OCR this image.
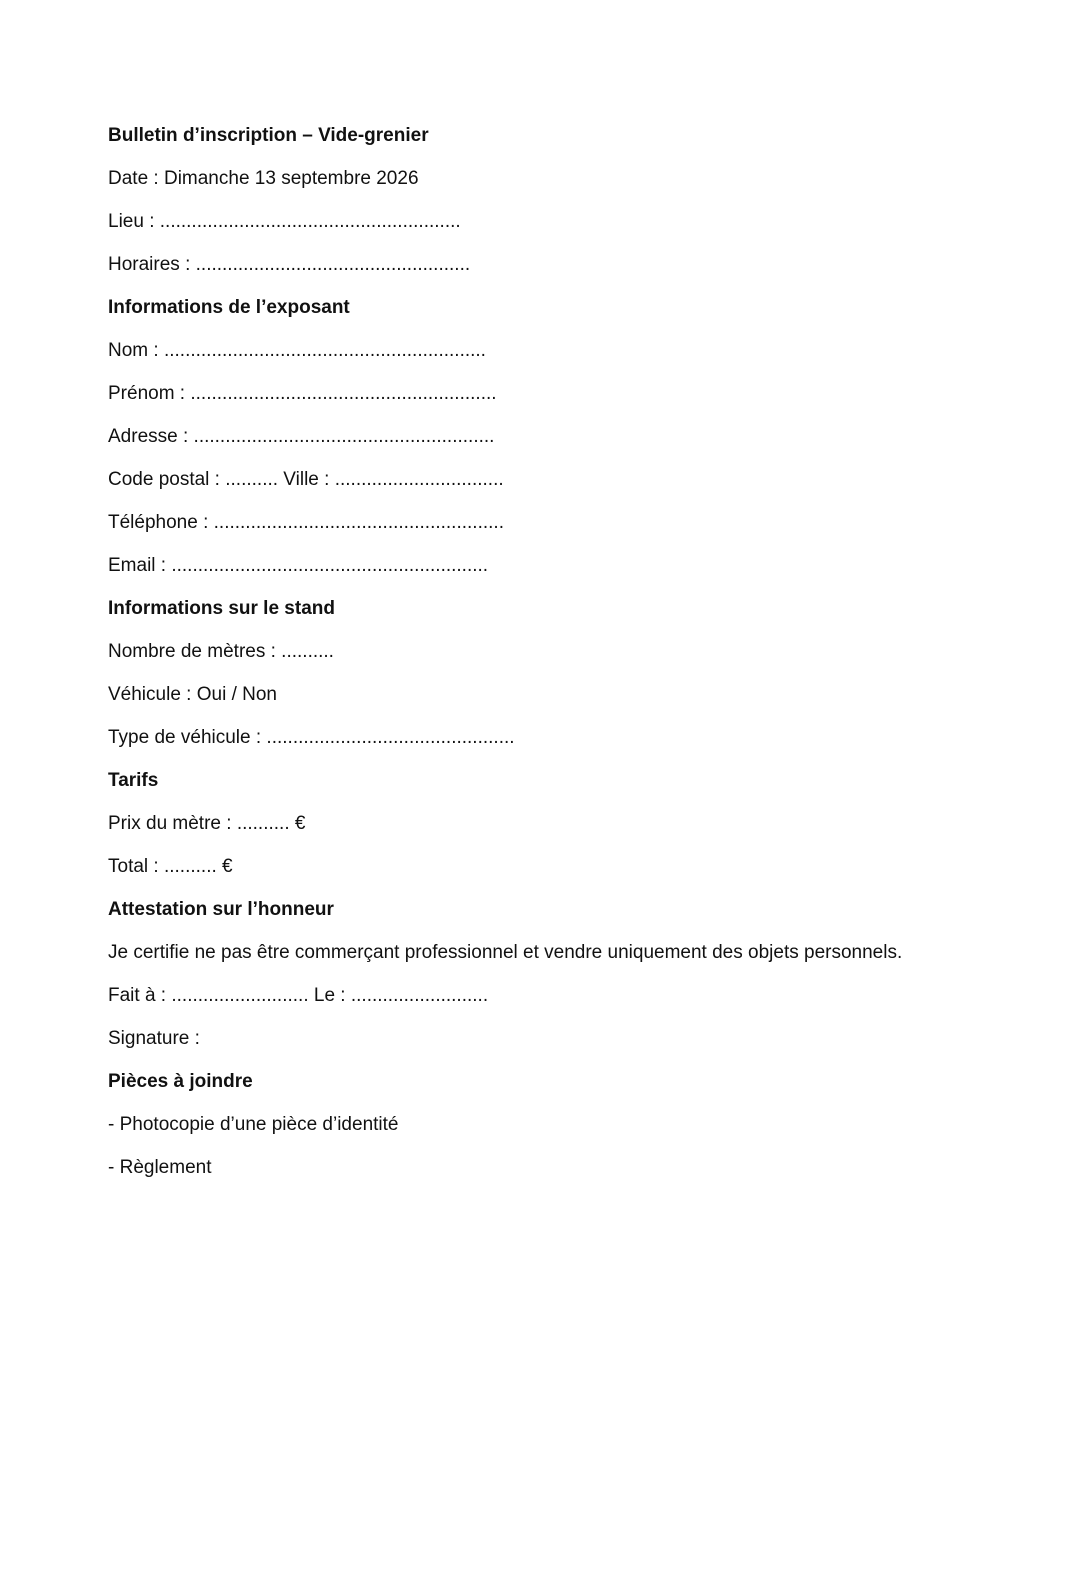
Bulletin d’inscription – Vide-grenier
Date : Dimanche 13 septembre 2026
Lieu : .........................................................
Horaires : ....................................................
Informations de l’exposant
Nom : .............................................................
Prénom : ..........................................................
Adresse : .........................................................
Code postal : .......... Ville : ................................
Téléphone : .......................................................
Email : ............................................................
Informations sur le stand
Nombre de mètres : ..........
Véhicule : Oui / Non
Type de véhicule : ...............................................
Tarifs
Prix du mètre : .......... €
Total : .......... €
Attestation sur l’honneur
Je certifie ne pas être commerçant professionnel et vendre uniquement des objets personnels.
Fait à : .......................... Le : ..........................
Signature :
Pièces à joindre
- Photocopie d’une pièce d’identité
- Règlement
